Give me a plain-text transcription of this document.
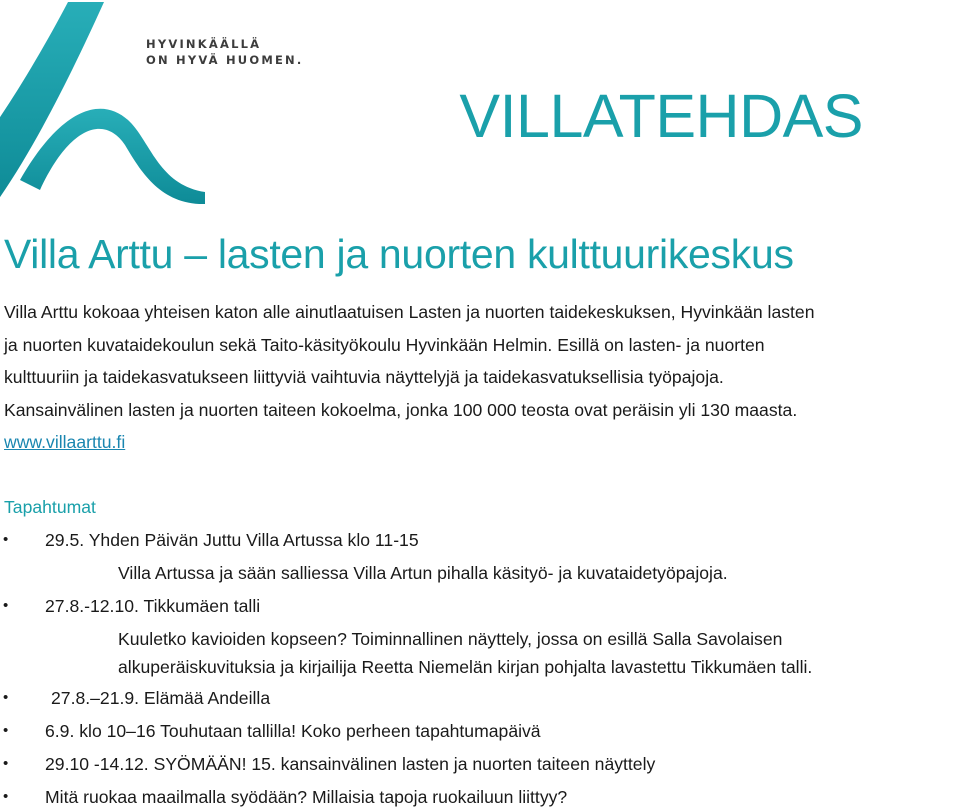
HYVINKÄÄLLÄ
ON HYVÄ HUOMEN.
VILLATEHDAS
Villa Arttu – lasten ja nuorten kulttuurikeskus
Villa Arttu kokoaa yhteisen katon alle ainutlaatuisen Lasten ja nuorten taidekeskuksen, Hyvinkään lasten
ja nuorten kuvataidekoulun sekä Taito-käsityökoulu Hyvinkään Helmin. Esillä on lasten- ja nuorten
kulttuuriin ja taidekasvatukseen liittyviä vaihtuvia näyttelyjä ja taidekasvatuksellisia työpajoja.
Kansainvälinen lasten ja nuorten taiteen kokoelma, jonka 100 000 teosta ovat peräisin yli 130 maasta.
www.villaarttu.fi
Tapahtumat
• 29.5. Yhden Päivän Juttu Villa Artussa klo 11-15
Villa Artussa ja sään salliessa Villa Artun pihalla käsityö- ja kuvataidetyöpajoja.
• 27.8.-12.10. Tikkumäen talli
Kuuletko kavioiden kopseen? Toiminnallinen näyttely, jossa on esillä Salla Savolaisen
alkuperäiskuvituksia ja kirjailija Reetta Niemelän kirjan pohjalta lavastettu Tikkumäen talli.
• 27.8.–21.9. Elämää Andeilla
• 6.9. klo 10–16 Touhutaan tallilla! Koko perheen tapahtumapäivä
• 29.10 -14.12. SYÖMÄÄN! 15. kansainvälinen lasten ja nuorten taiteen näyttely
• Mitä ruokaa maailmalla syödään? Millaisia tapoja ruokailuun liittyy?
